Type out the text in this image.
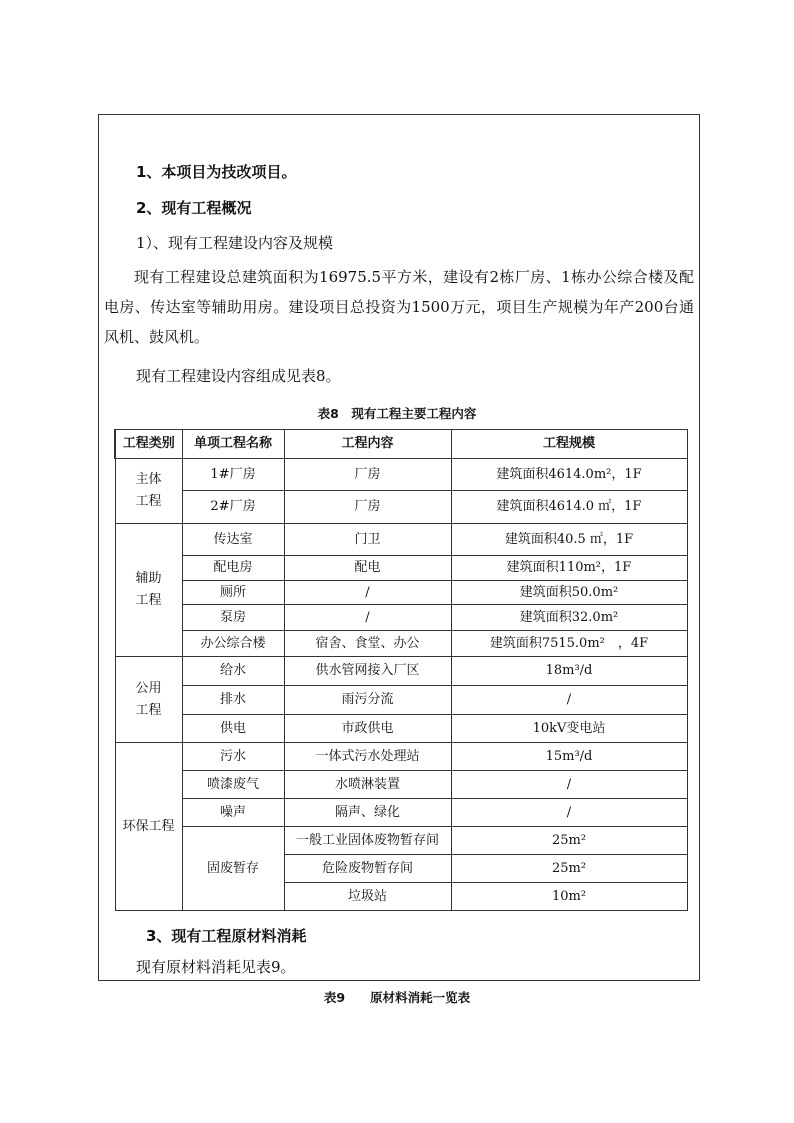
1、本项目为技改项目。
2、现有工程概况
1）、现有工程建设内容及规模
现有工程建设总建筑面积为16975.5平方米，建设有2栋厂房、1栋办公综合楼及配电房、传达室等辅助用房。建设项目总投资为1500万元，项目生产规模为年产200台通风机、鼓风机。
现有工程建设内容组成见表8。
表8　现有工程主要工程内容
工程类别	单项工程名称	工程内容	工程规模
主体
工程	1#厂房	厂房	建筑面积4614.0m²，1F
	2#厂房	厂房	建筑面积4614.0 ㎡，1F
辅助
工程	传达室	门卫	建筑面积40.5 ㎡，1F
	配电房	配电	建筑面积110m²，1F
	厕所	/	建筑面积50.0m²
	泵房	/	建筑面积32.0m²
	办公综合楼	宿舍、食堂、办公	建筑面积7515.0m²　，4F
公用
工程	给水	供水管网接入厂区	18m³/d
	排水	雨污分流	/
	供电	市政供电	10kV变电站
环保工程	污水	一体式污水处理站	15m³/d
	喷漆废气	水喷淋装置	/
	噪声	隔声、绿化	/
	固废暂存	一般工业固体废物暂存间	25m²
		危险废物暂存间	25m²
		垃圾站	10m²
3、现有工程原材料消耗
现有原材料消耗见表9。
表9　　原材料消耗一览表
